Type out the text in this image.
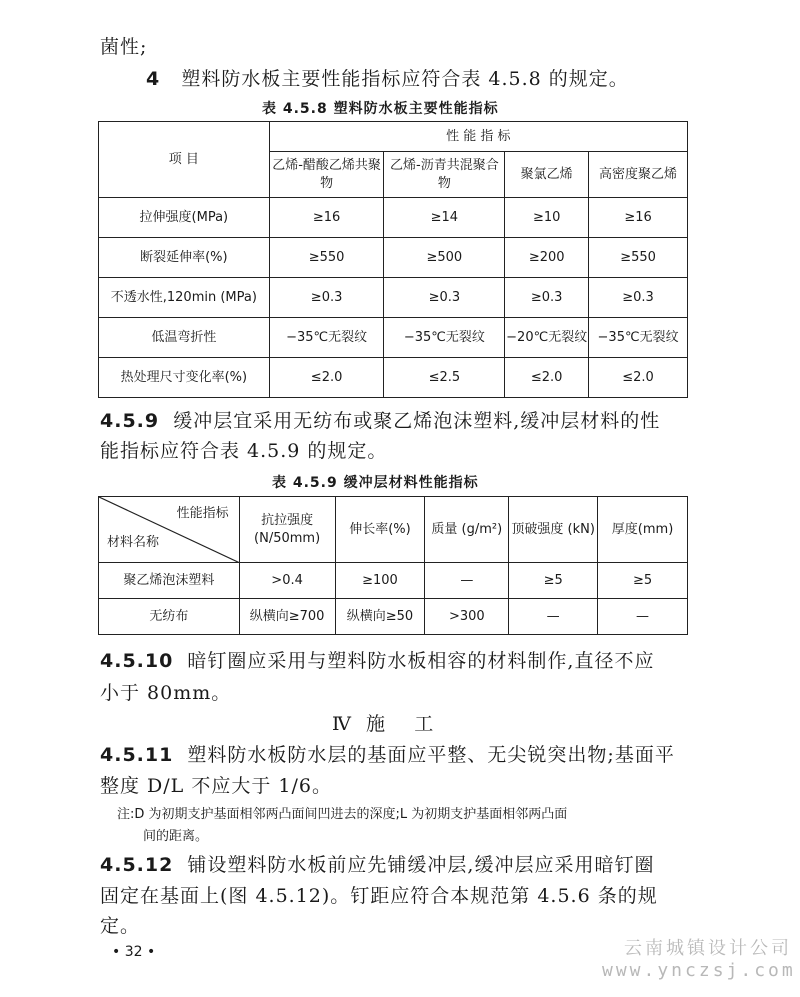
菌性;
4 塑料防水板主要性能指标应符合表 4.5.8 的规定。
表 4.5.8 塑料防水板主要性能指标
项 目	性 能 指 标			
	乙烯-醋酸乙烯共聚物	乙烯-沥青共混聚合物	聚氯乙烯	高密度聚乙烯
拉伸强度(MPa)	≥16	≥14	≥10	≥16
断裂延伸率(%)	≥550	≥500	≥200	≥550
不透水性,120min (MPa)	≥0.3	≥0.3	≥0.3	≥0.3
低温弯折性	−35℃无裂纹	−35℃无裂纹	−20℃无裂纹	−35℃无裂纹
热处理尺寸变化率(%)	≤2.0	≤2.5	≤2.0	≤2.0
4.5.9 缓冲层宜采用无纺布或聚乙烯泡沫塑料,缓冲层材料的性
能指标应符合表 4.5.9 的规定。
表 4.5.9 缓冲层材料性能指标
性能指标
材料名称	抗拉强度 (N/50mm)	伸长率(%)	质量 (g/m²)	顶破强度 (kN)	厚度(mm)
聚乙烯泡沫塑料	>0.4	≥100	—	≥5	≥5
无纺布	纵横向≥700	纵横向≥50	>300	—	—
4.5.10 暗钉圈应采用与塑料防水板相容的材料制作,直径不应
小于 80mm。
Ⅳ  施    工
4.5.11 塑料防水板防水层的基面应平整、无尖锐突出物;基面平
整度 D/L 不应大于 1/6。
注:D 为初期支护基面相邻两凸面间凹进去的深度;L 为初期支护基面相邻两凸面
间的距离。
4.5.12 铺设塑料防水板前应先铺缓冲层,缓冲层应采用暗钉圈
固定在基面上(图 4.5.12)。钉距应符合本规范第 4.5.6 条的规
定。
• 32 •	云南城镇设计公司
www.ynczsj.com
